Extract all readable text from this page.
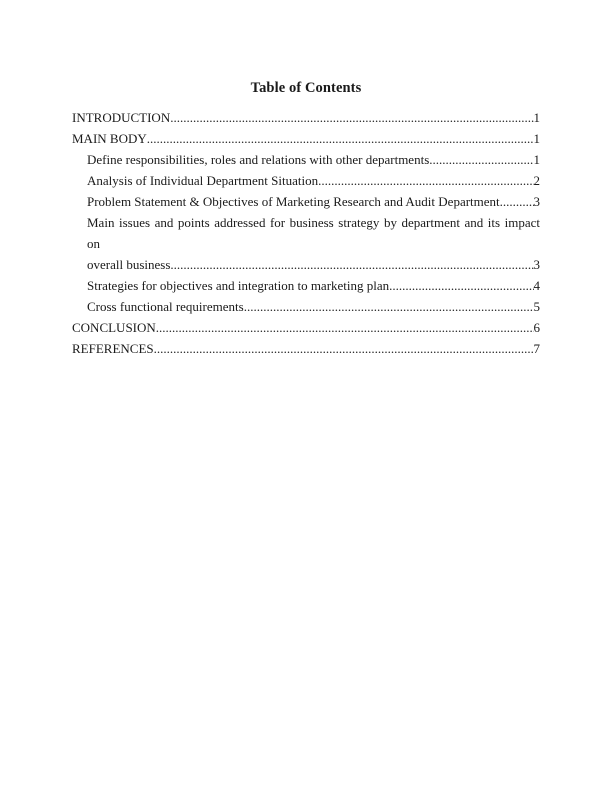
Table of Contents
INTRODUCTION .....	1
MAIN BODY .....	1
Define responsibilities, roles and relations with other departments .....	1
Analysis of Individual Department Situation .....	2
Problem Statement & Objectives of Marketing Research and Audit Department .....	3
Main issues and points addressed for business strategy by department and its impact on
overall business .....	3
Strategies for objectives and integration to marketing plan .....	4
Cross functional requirements .....	5
CONCLUSION .....	6
REFERENCES .....	7
